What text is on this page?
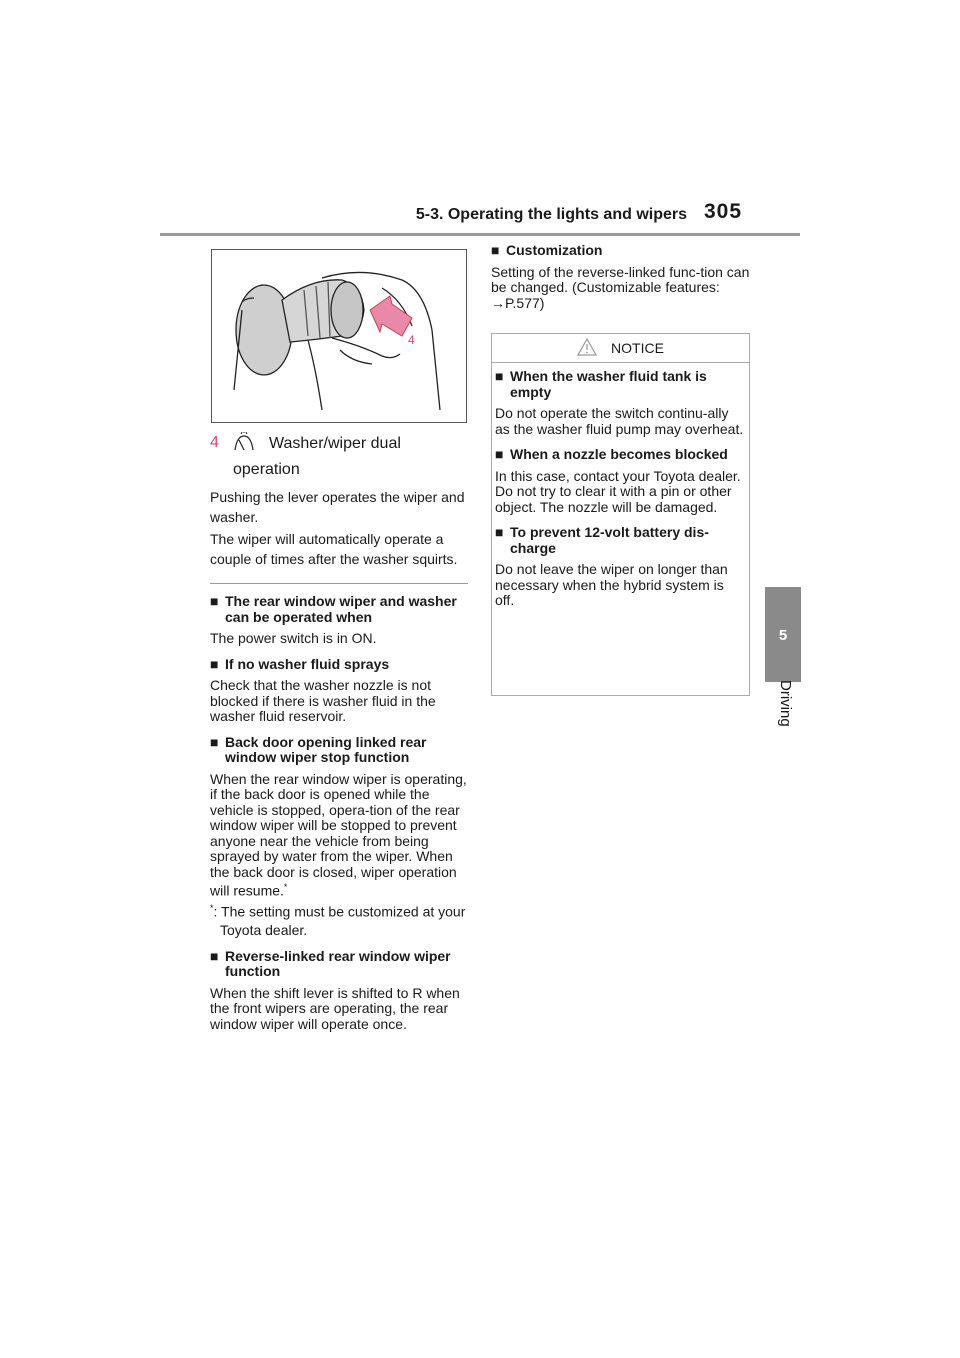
5-3. Operating the lights and wipers 305
5
Driving
4
4	Washer/wiper dual operation

Pushing the lever operates the wiper and washer.

The wiper will automatically operate a couple of times after the washer squirts.

■ The rear window wiper and washer can be operated when

The power switch is in ON.

■ If no washer fluid sprays

Check that the washer nozzle is not blocked if there is washer fluid in the washer fluid reservoir.

■ Back door opening linked rear window wiper stop function

When the rear window wiper is operating, if the back door is opened while the vehicle is stopped, opera-tion of the rear window wiper will be stopped to prevent anyone near the vehicle from being sprayed by water from the wiper. When the back door is closed, wiper operation will resume.*

*: The setting must be customized at your Toyota dealer.

■ Reverse-linked rear window wiper function

When the shift lever is shifted to R when the front wipers are operating, the rear window wiper will operate once.

■ Customization

Setting of the reverse-linked func-tion can be changed. (Customizable features: →P.577)

NOTICE

■ When the washer fluid tank is empty

Do not operate the switch continu-ally as the washer fluid pump may overheat.

■ When a nozzle becomes blocked

In this case, contact your Toyota dealer.

Do not try to clear it with a pin or other object. The nozzle will be damaged.

■ To prevent 12-volt battery dis-charge

Do not leave the wiper on longer than necessary when the hybrid system is off.
